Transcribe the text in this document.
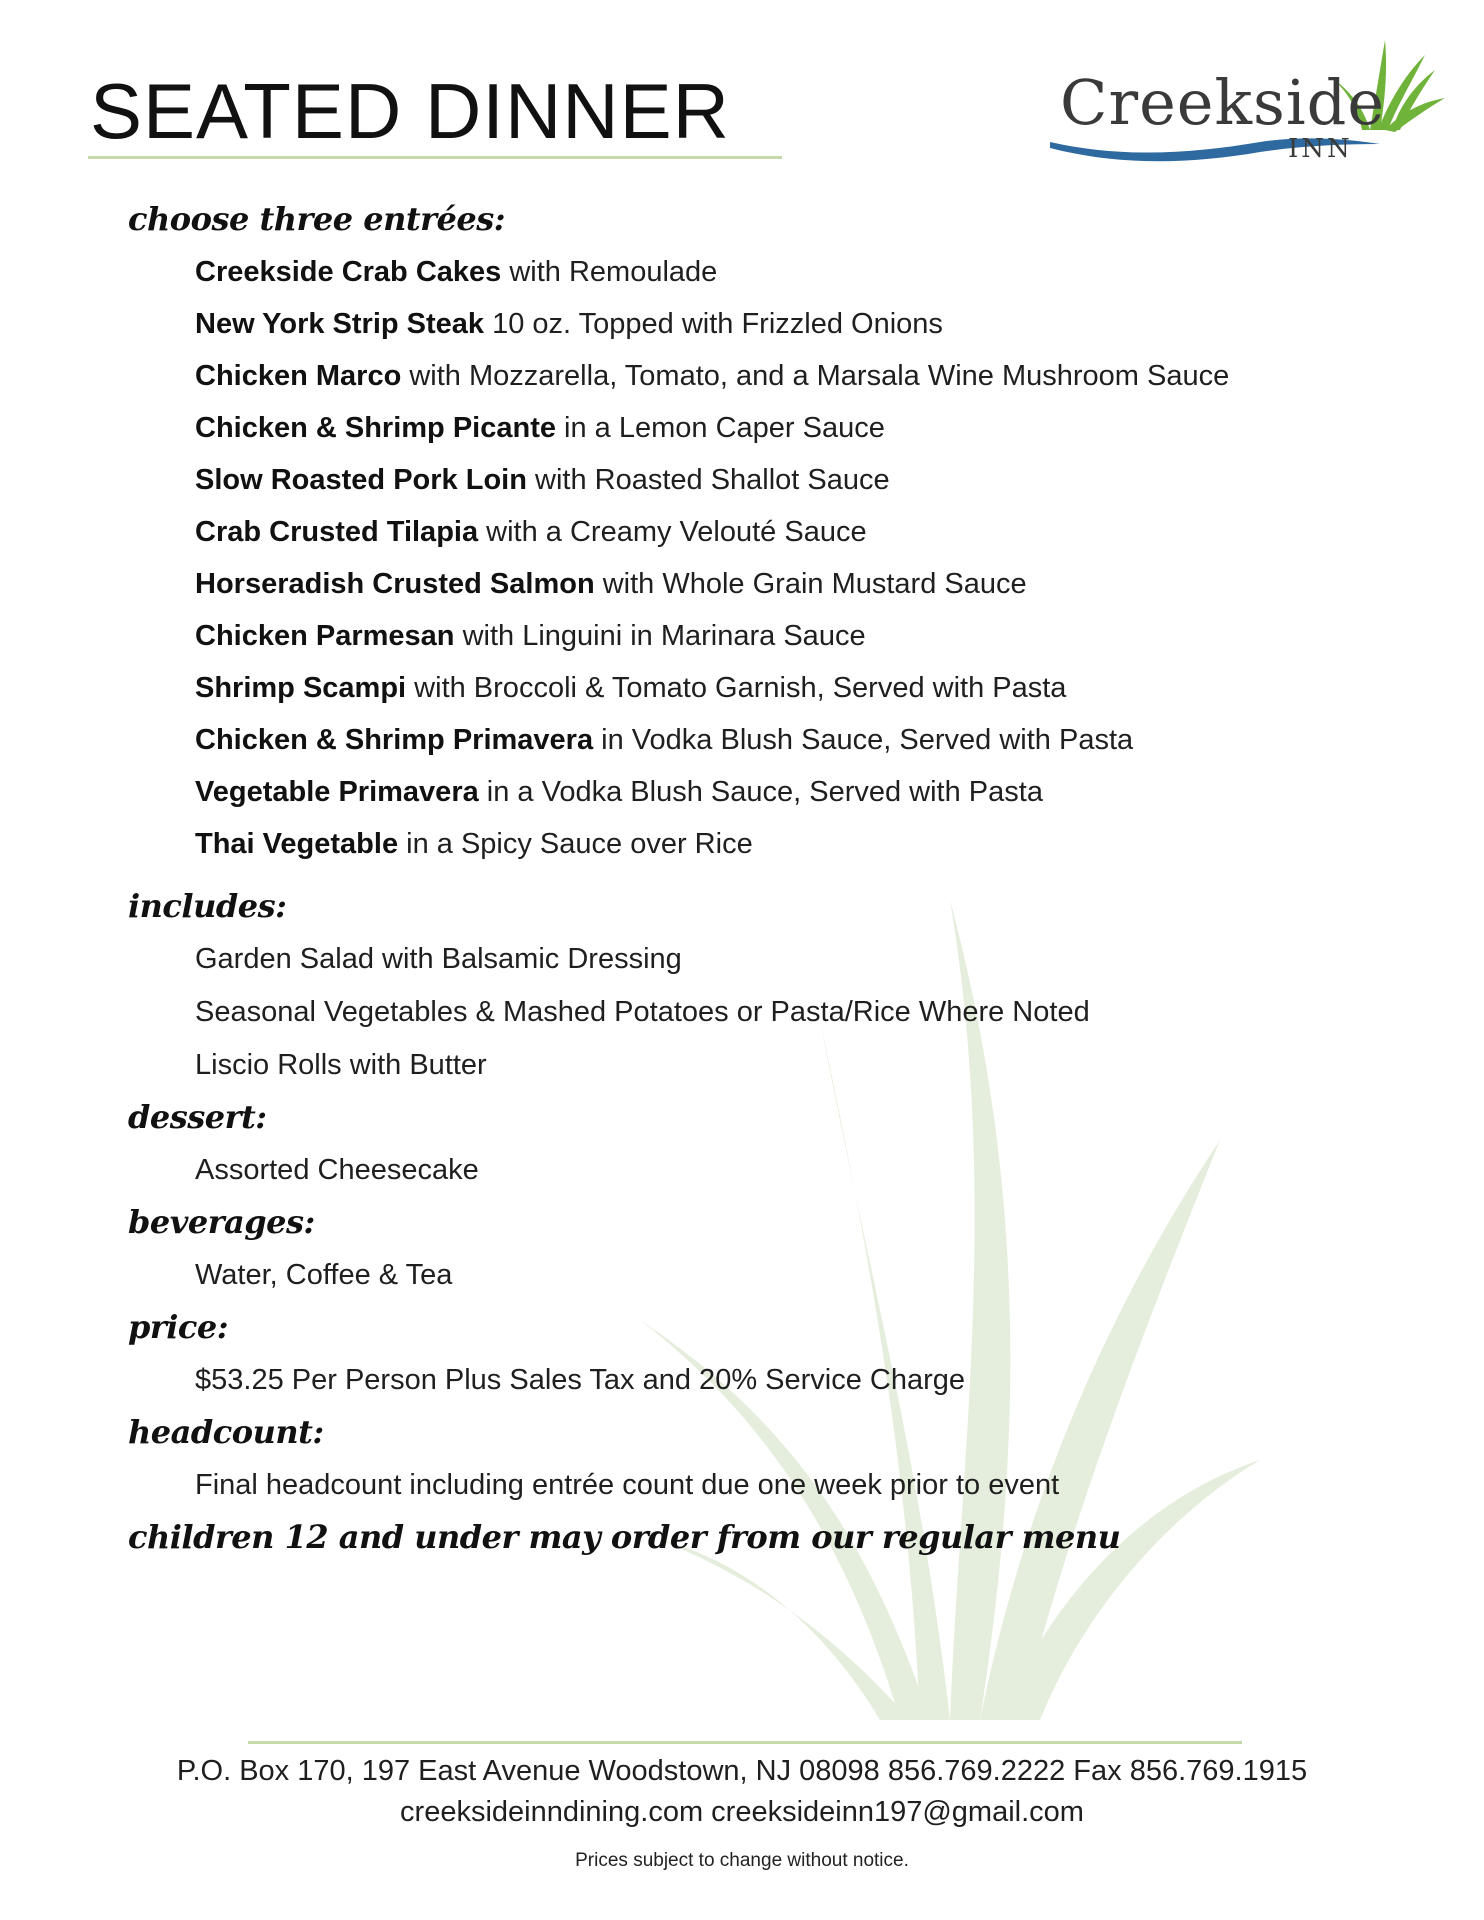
SEATED DINNER	Creekside
INN
choose three entrées:
Creekside Crab Cakes with Remoulade
New York Strip Steak 10 oz. Topped with Frizzled Onions
Chicken Marco with Mozzarella, Tomato, and a Marsala Wine Mushroom Sauce
Chicken & Shrimp Picante in a Lemon Caper Sauce
Slow Roasted Pork Loin with Roasted Shallot Sauce
Crab Crusted Tilapia with a Creamy Velouté Sauce
Horseradish Crusted Salmon with Whole Grain Mustard Sauce
Chicken Parmesan with Linguini in Marinara Sauce
Shrimp Scampi with Broccoli & Tomato Garnish, Served with Pasta
Chicken & Shrimp Primavera in Vodka Blush Sauce, Served with Pasta
Vegetable Primavera in a Vodka Blush Sauce, Served with Pasta
Thai Vegetable in a Spicy Sauce over Rice
includes:
Garden Salad with Balsamic Dressing
Seasonal Vegetables & Mashed Potatoes or Pasta/Rice Where Noted
Liscio Rolls with Butter
dessert:
Assorted Cheesecake
beverages:
Water, Coffee & Tea
price:
$53.25 Per Person Plus Sales Tax and 20% Service Charge
headcount:
Final headcount including entrée count due one week prior to event
children 12 and under may order from our regular menu
P.O. Box 170, 197 East Avenue Woodstown, NJ 08098 856.769.2222 Fax 856.769.1915
creeksideinndining.com creeksideinn197@gmail.com
Prices subject to change without notice.
